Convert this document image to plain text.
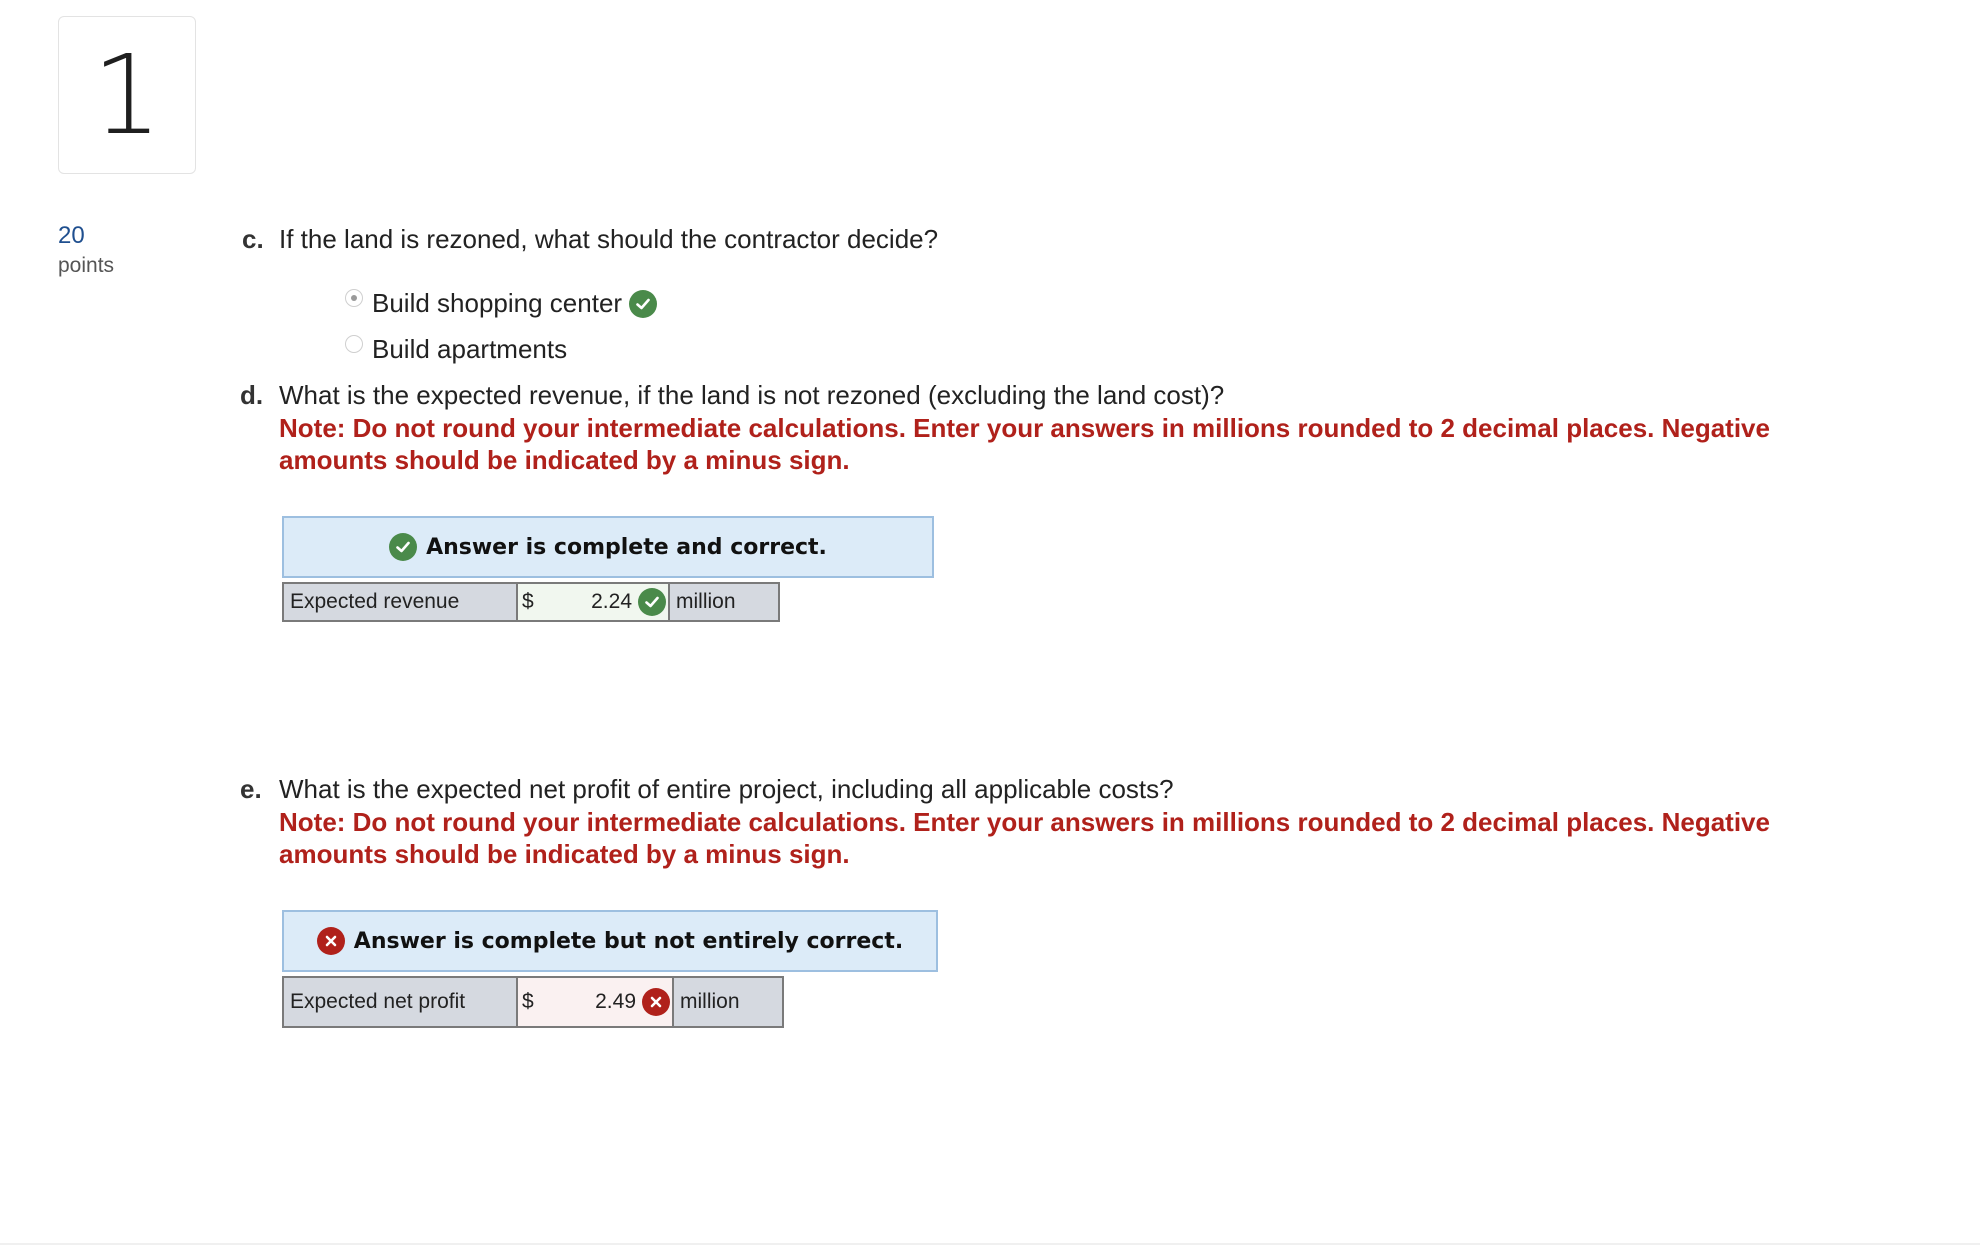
1
20
points
c. If the land is rezoned, what should the contractor decide?
Build shopping center
Build apartments
d. What is the expected revenue, if the land is not rezoned (excluding the land cost)?
Note: Do not round your intermediate calculations. Enter your answers in millions rounded to 2 decimal places. Negative amounts should be indicated by a minus sign.
Answer is complete and correct.
Expected revenue	$	2.24	million
e. What is the expected net profit of entire project, including all applicable costs?
Note: Do not round your intermediate calculations. Enter your answers in millions rounded to 2 decimal places. Negative amounts should be indicated by a minus sign.
Answer is complete but not entirely correct.
Expected net profit	$	2.49	million
